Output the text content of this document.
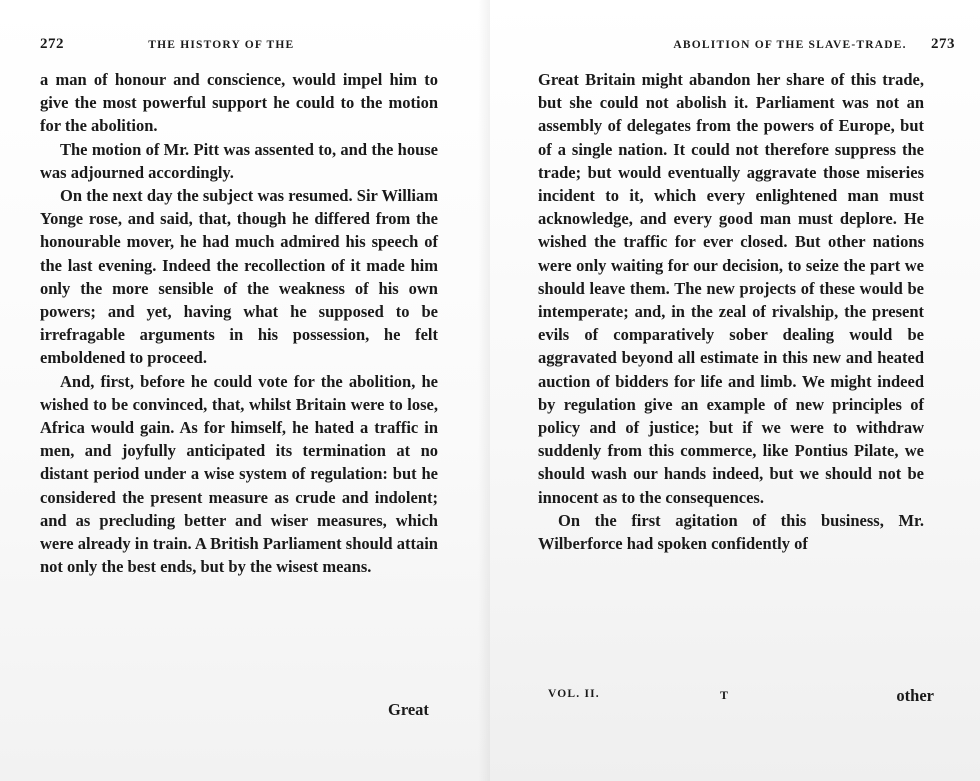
272	THE HISTORY OF THE

a man of honour and conscience, would impel him to give the most powerful support he could to the motion for the abolition.

The motion of Mr. Pitt was assented to, and the house was adjourned accordingly.

On the next day the subject was resumed. Sir William Yonge rose, and said, that, though he differed from the honourable mover, he had much admired his speech of the last evening. Indeed the recollection of it made him only the more sensible of the weakness of his own powers; and yet, having what he supposed to be irrefragable arguments in his possession, he felt emboldened to proceed.

And, first, before he could vote for the abolition, he wished to be convinced, that, whilst Britain were to lose, Africa would gain. As for himself, he hated a traffic in men, and joyfully anticipated its termination at no distant period under a wise system of regulation: but he considered the present measure as crude and indolent; and as precluding better and wiser measures, which were already in train. A British Parliament should attain not only the best ends, but by the wisest means.

Great
ABOLITION OF THE SLAVE-TRADE. 273

Great Britain might abandon her share of this trade, but she could not abolish it. Parliament was not an assembly of delegates from the powers of Europe, but of a single nation. It could not therefore suppress the trade; but would eventually aggravate those miseries incident to it, which every enlightened man must acknowledge, and every good man must deplore. He wished the traffic for ever closed. But other nations were only waiting for our decision, to seize the part we should leave them. The new projects of these would be intemperate; and, in the zeal of rivalship, the present evils of comparatively sober dealing would be aggravated beyond all estimate in this new and heated auction of bidders for life and limb. We might indeed by regulation give an example of new principles of policy and of justice; but if we were to withdraw suddenly from this commerce, like Pontius Pilate, we should wash our hands indeed, but we should not be innocent as to the consequences.

On the first agitation of this business, Mr. Wilberforce had spoken confidently of

VOL. II.	T	other
